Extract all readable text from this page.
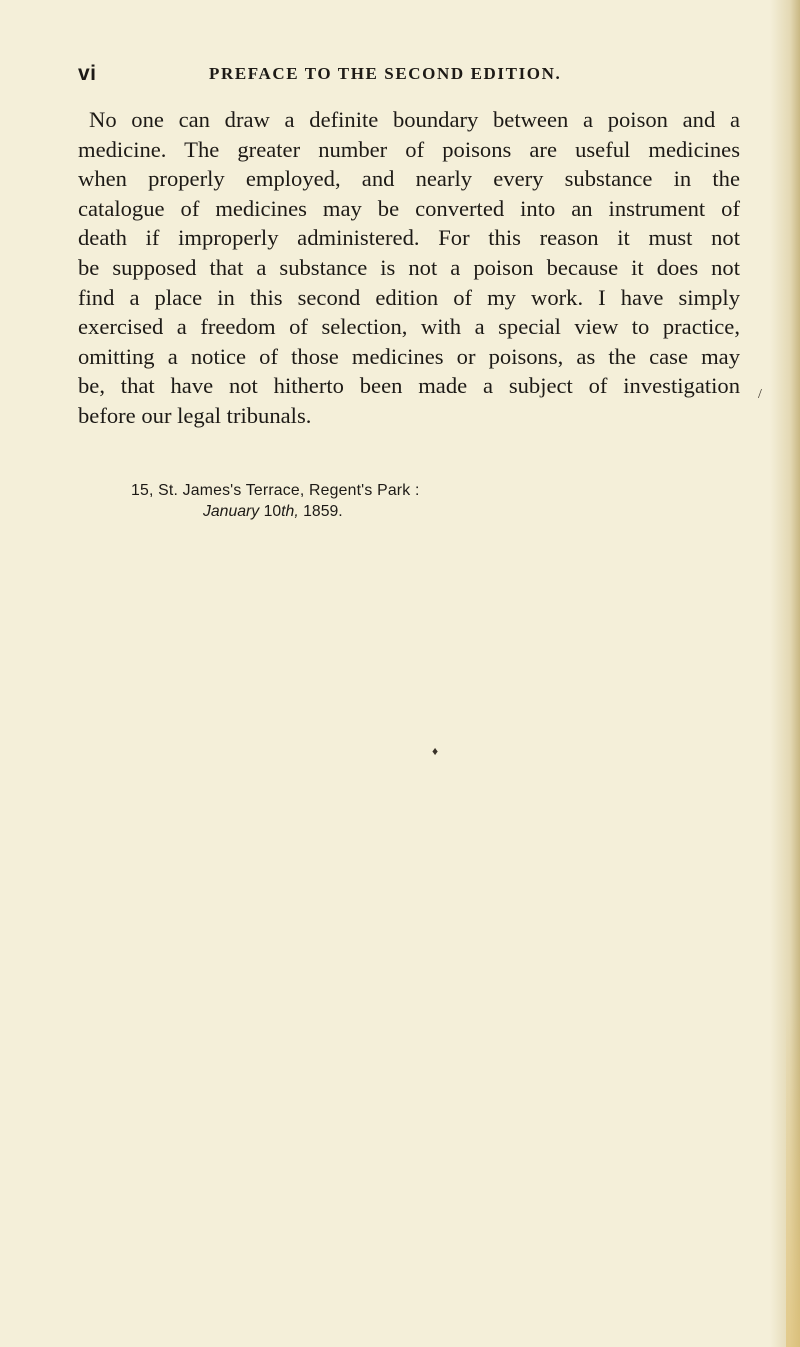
vi	PREFACE TO THE SECOND EDITION.
No one can draw a definite boundary between a poison and a
medicine. The greater number of poisons are useful medicines
when properly employed, and nearly every substance in the
catalogue of medicines may be converted into an instrument of
death if improperly administered. For this reason it must not
be supposed that a substance is not a poison because it does not
find a place in this second edition of my work. I have simply
exercised a freedom of selection, with a special view to practice,
omitting a notice of those medicines or poisons, as the case may
be, that have not hitherto been made a subject of investigation
before our legal tribunals.
15, St. James's Terrace, Regent's Park :
January 10th, 1859.
/
♦
